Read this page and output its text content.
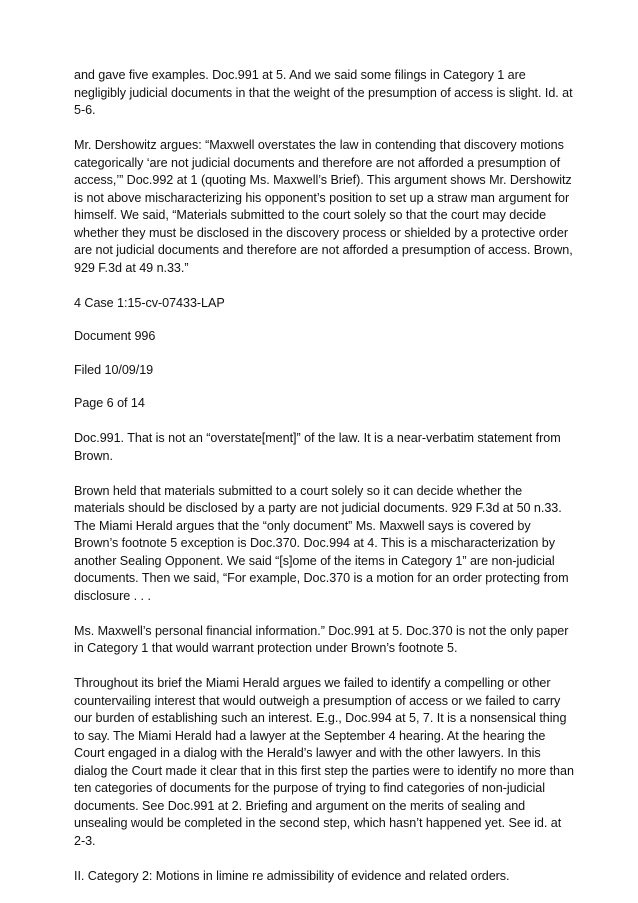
and gave five examples. Doc.991 at 5. And we said some filings in Category 1 are negligibly judicial documents in that the weight of the presumption of access is slight. Id. at 5-6.

Mr. Dershowitz argues: “Maxwell overstates the law in contending that discovery motions categorically ‘are not judicial documents and therefore are not afforded a presumption of access,’” Doc.992 at 1 (quoting Ms. Maxwell’s Brief). This argument shows Mr. Dershowitz is not above mischaracterizing his opponent’s position to set up a straw man argument for himself. We said, “Materials submitted to the court solely so that the court may decide whether they must be disclosed in the discovery process or shielded by a protective order are not judicial documents and therefore are not afforded a presumption of access. Brown, 929 F.3d at 49 n.33.”

4 Case 1:15-cv-07433-LAP

Document 996

Filed 10/09/19

Page 6 of 14

Doc.991. That is not an “overstate[ment]” of the law. It is a near-verbatim statement from Brown.

Brown held that materials submitted to a court solely so it can decide whether the materials should be disclosed by a party are not judicial documents. 929 F.3d at 50 n.33. The Miami Herald argues that the “only document” Ms. Maxwell says is covered by Brown’s footnote 5 exception is Doc.370. Doc.994 at 4. This is a mischaracterization by another Sealing Opponent. We said “[s]ome of the items in Category 1” are non-judicial documents. Then we said, “For example, Doc.370 is a motion for an order protecting from disclosure . . .

Ms. Maxwell’s personal financial information.” Doc.991 at 5. Doc.370 is not the only paper in Category 1 that would warrant protection under Brown’s footnote 5.

Throughout its brief the Miami Herald argues we failed to identify a compelling or other countervailing interest that would outweigh a presumption of access or we failed to carry our burden of establishing such an interest. E.g., Doc.994 at 5, 7. It is a nonsensical thing to say. The Miami Herald had a lawyer at the September 4 hearing. At the hearing the Court engaged in a dialog with the Herald’s lawyer and with the other lawyers. In this dialog the Court made it clear that in this first step the parties were to identify no more than ten categories of documents for the purpose of trying to find categories of non-judicial documents. See Doc.991 at 2. Briefing and argument on the merits of sealing and unsealing would be completed in the second step, which hasn’t happened yet. See id. at 2-3.

II. Category 2: Motions in limine re admissibility of evidence and related orders.
